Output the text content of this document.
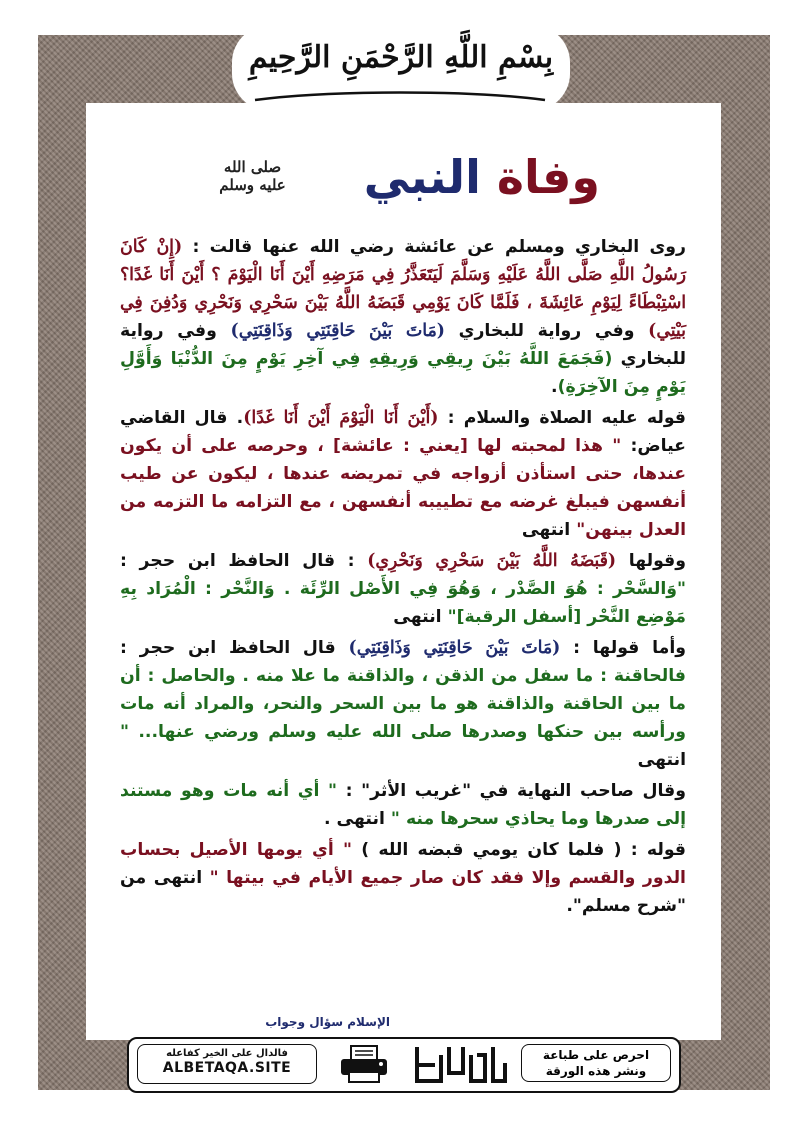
بِسْمِ اللَّهِ الرَّحْمَنِ الرَّحِيمِ
وفاة النبي
صلى الله عليه وسلم

روى البخاري ومسلم عن عائشة رضي الله عنها قالت : (إِنْ كَانَ رَسُولُ اللَّهِ صَلَّى اللَّهُ عَلَيْهِ وَسَلَّمَ لَيَتَعَذَّرُ فِي مَرَضِهِ أَيْنَ أَنَا الْيَوْمَ ؟ أَيْنَ أَنَا غَدًا؟ اسْتِبْطَاءً لِيَوْمِ عَائِشَةَ ، فَلَمَّا كَانَ يَوْمِي قَبَضَهُ اللَّهُ بَيْنَ سَحْرِي وَنَحْرِي وَدُفِنَ فِي بَيْتِي) وفي رواية للبخاري (مَاتَ بَيْنَ حَاقِنَتِي وَذَاقِنَتِي) وفي رواية للبخاري (فَجَمَعَ اللَّهُ بَيْنَ رِيقِي وَرِيقِهِ فِي آخِرِ يَوْمٍ مِنَ الدُّنْيَا وَأَوَّلِ يَوْمٍ مِنَ الآخِرَةِ).

قوله عليه الصلاة والسلام : (أَيْنَ أَنَا الْيَوْمَ أَيْنَ أَنَا غَدًا). قال القاضي عياض: " هذا لمحبته لها [يعني : عائشة] ، وحرصه على أن يكون عندها، حتى استأذن أزواجه في تمريضه عندها ، ليكون عن طيب أنفسهن فيبلغ غرضه مع تطييبه أنفسهن ، مع التزامه ما التزمه من العدل بينهن" انتهى

وقولها (قَبَضَهُ اللَّهُ بَيْنَ سَحْرِي وَنَحْرِي) : قال الحافظ ابن حجر : "وَالسَّحْر : هُوَ الصَّدْر ، وَهُوَ فِي الأَصْل الرِّئَة . وَالنَّحْر : الْمُرَاد بِهِ مَوْضِع النَّحْر [أسفل الرقبة]" انتهى

وأما قولها : (مَاتَ بَيْنَ حَاقِنَتِي وَذَاقِنَتِي) قال الحافظ ابن حجر : فالحاقنة : ما سفل من الذقن ، والذاقنة ما علا منه . والحاصل : أن ما بين الحاقنة والذاقنة هو ما بين السحر والنحر، والمراد أنه مات ورأسه بين حنكها وصدرها صلى الله عليه وسلم ورضي عنها... " انتهى

وقال صاحب النهاية في "غريب الأثر" : " أي أنه مات وهو مستند إلى صدرها وما يحاذي سحرها منه " انتهى .

قوله : ( فلما كان يومي قبضه الله ) " أي يومها الأصيل بحساب الدور والقسم وإلا فقد كان صار جميع الأيام في بيتها " انتهى من "شرح مسلم".

الإسلام سؤال وجواب
فالدال على الخير كفاعله
ALBETAQA.SITE
احرص على طباعة
ونشر هذه الورقة
